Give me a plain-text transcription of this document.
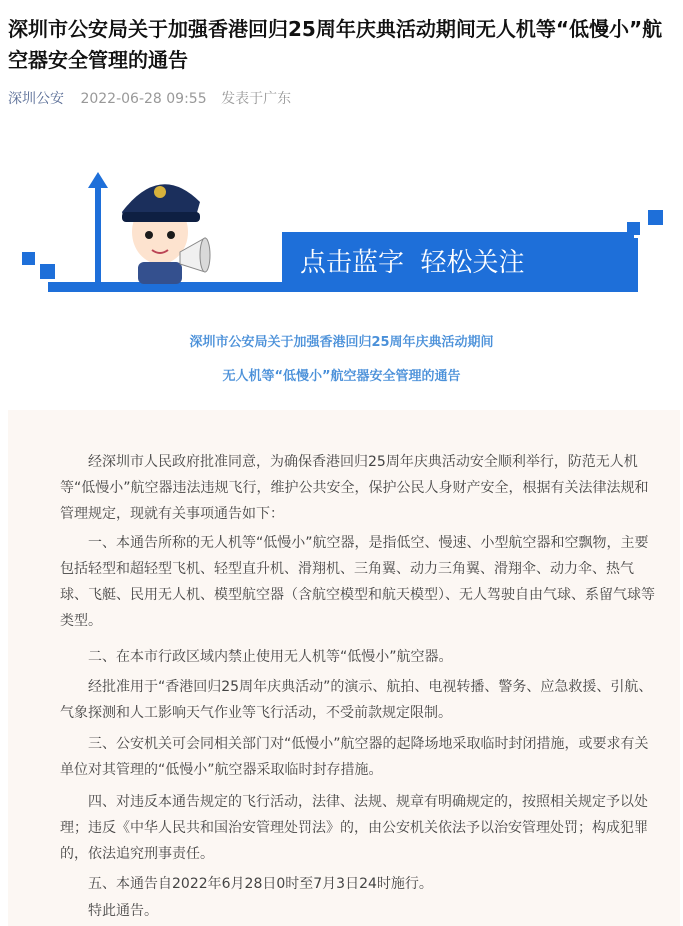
深圳市公安局关于加强香港回归25周年庆典活动期间无人机等“低慢小”航空器安全管理的通告
深圳公安 2022-06-28 09:55 发表于广东
点击蓝字  轻松关注
深圳市公安局关于加强香港回归25周年庆典活动期间
无人机等“低慢小”航空器安全管理的通告

经深圳市人民政府批准同意，为确保香港回归25周年庆典活动安全顺利举行，防范无人机等“低慢小”航空器违法违规飞行，维护公共安全，保护公民人身财产安全，根据有关法律法规和管理规定，现就有关事项通告如下：

一、本通告所称的无人机等“低慢小”航空器，是指低空、慢速、小型航空器和空飘物，主要包括轻型和超轻型飞机、轻型直升机、滑翔机、三角翼、动力三角翼、滑翔伞、动力伞、热气球、飞艇、民用无人机、模型航空器（含航空模型和航天模型）、无人驾驶自由气球、系留气球等类型。

二、在本市行政区域内禁止使用无人机等“低慢小”航空器。

经批准用于“香港回归25周年庆典活动”的演示、航拍、电视转播、警务、应急救援、引航、气象探测和人工影响天气作业等飞行活动，不受前款规定限制。

三、公安机关可会同相关部门对“低慢小”航空器的起降场地采取临时封闭措施，或要求有关单位对其管理的“低慢小”航空器采取临时封存措施。

四、对违反本通告规定的飞行活动，法律、法规、规章有明确规定的，按照相关规定予以处理；违反《中华人民共和国治安管理处罚法》的，由公安机关依法予以治安管理处罚；构成犯罪的，依法追究刑事责任。

五、本通告自2022年6月28日0时至7月3日24时施行。

特此通告。
